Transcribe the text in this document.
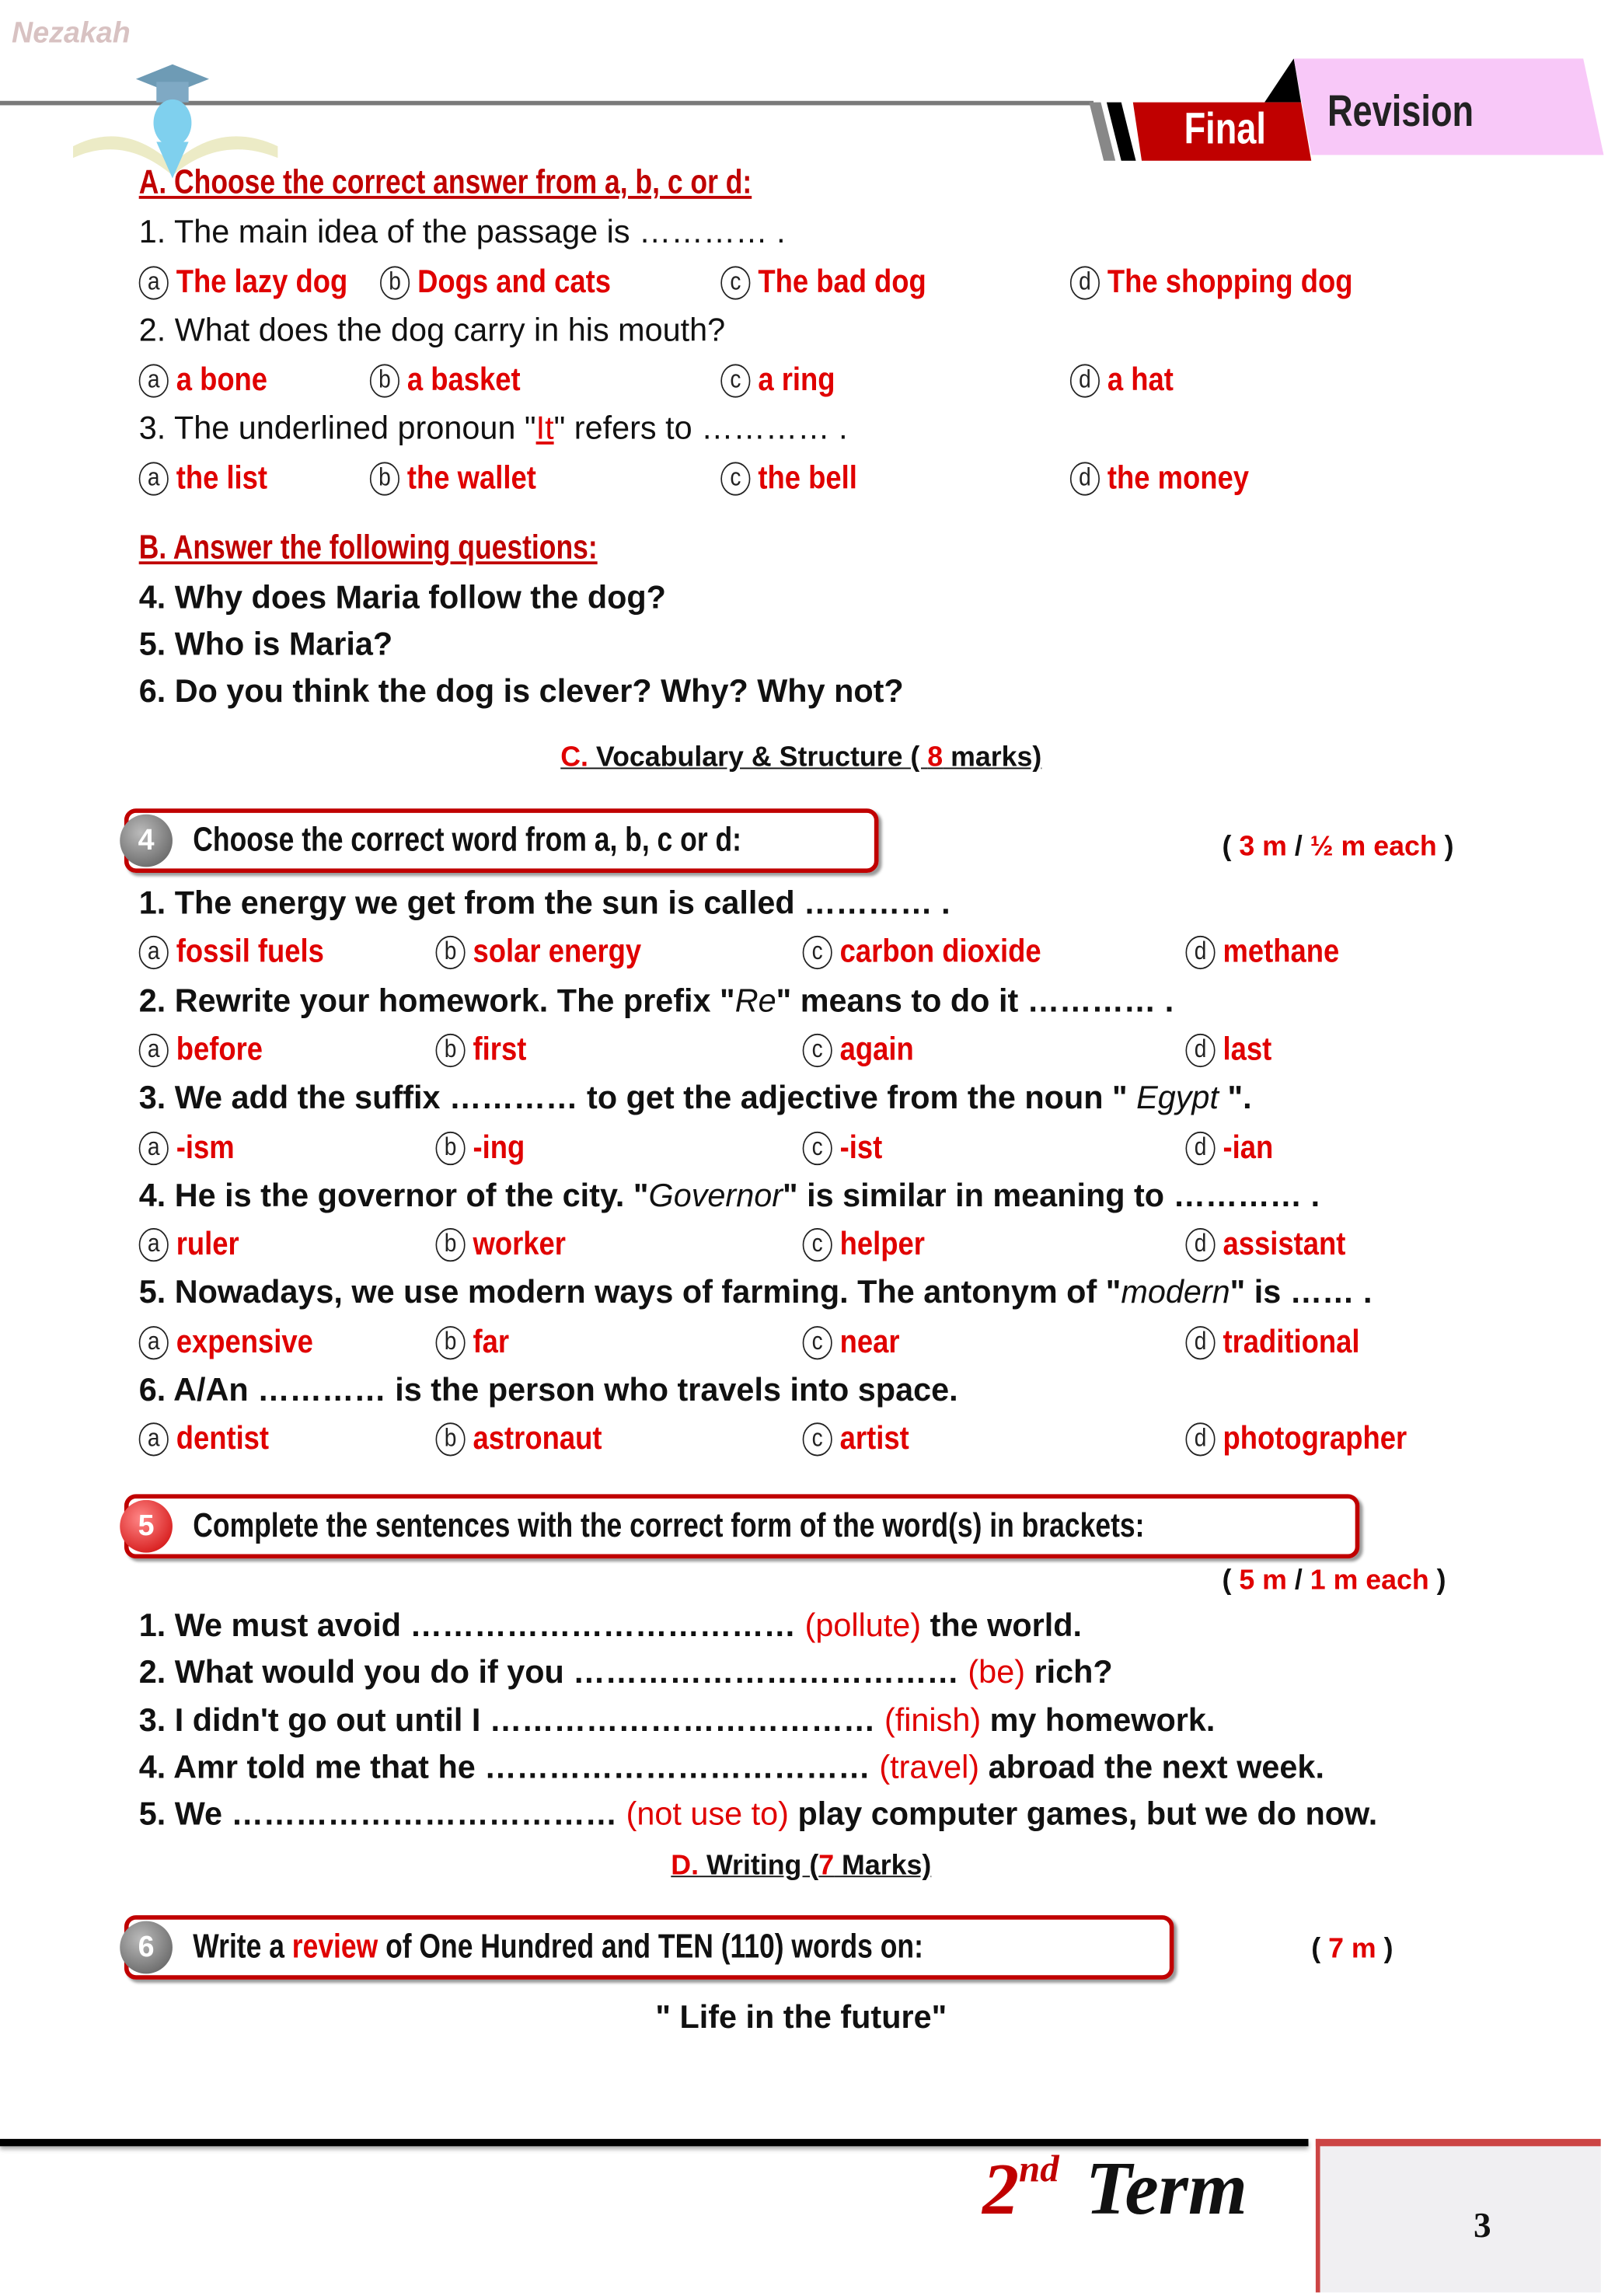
Nezakah
Final	Revision
A. Choose the correct answer from a, b, c or d:
B. Answer the following questions:
4. Why does Maria follow the dog?
5. Who is Maria?
6. Do you think the dog is clever? Why? Why not?
C. Vocabulary & Structure ( 8 marks)
4	Choose the correct word from a, b, c or d:	( 3 m / ½ m each )
5	Complete the sentences with the correct form of the word(s) in brackets:
( 5 m / 1 m each )
D. Writing (7 Marks)
6	Write a review of One Hundred and TEN (110) words on:	( 7 m )
" Life in the future"
2nd Term	3
1. The main idea of the passage is ………… .
a The lazy dog	b Dogs and cats	c The bad dog	d The shopping dog
2. What does the dog carry in his mouth?
a a bone	b a basket	c a ring	d a hat
3. The underlined pronoun "It" refers to ………… .
a the list	b the wallet	c the bell	d the money
1. The energy we get from the sun is called ………… .
a fossil fuels	b solar energy	c carbon dioxide	d methane
2. Rewrite your homework. The prefix "Re" means to do it ………… .
a before	b first	c again	d last
3. We add the suffix ………… to get the adjective from the noun " Egypt ".
a -ism	b -ing	c -ist	d -ian
4. He is the governor of the city. "Governor" is similar in meaning to ………… .
a ruler	b worker	c helper	d assistant
5. Nowadays, we use modern ways of farming. The antonym of "modern" is …… .
a expensive	b far	c near	d traditional
6. A/An ………… is the person who travels into space.
a dentist	b astronaut	c artist	d photographer
1. We must avoid ……………………………… (pollute) the world.
2. What would you do if you ……………………………… (be) rich?
3. I didn't go out until I ……………………………… (finish) my homework.
4. Amr told me that he ……………………………… (travel) abroad the next week.
5. We ……………………………… (not use to) play computer games, but we do now.
